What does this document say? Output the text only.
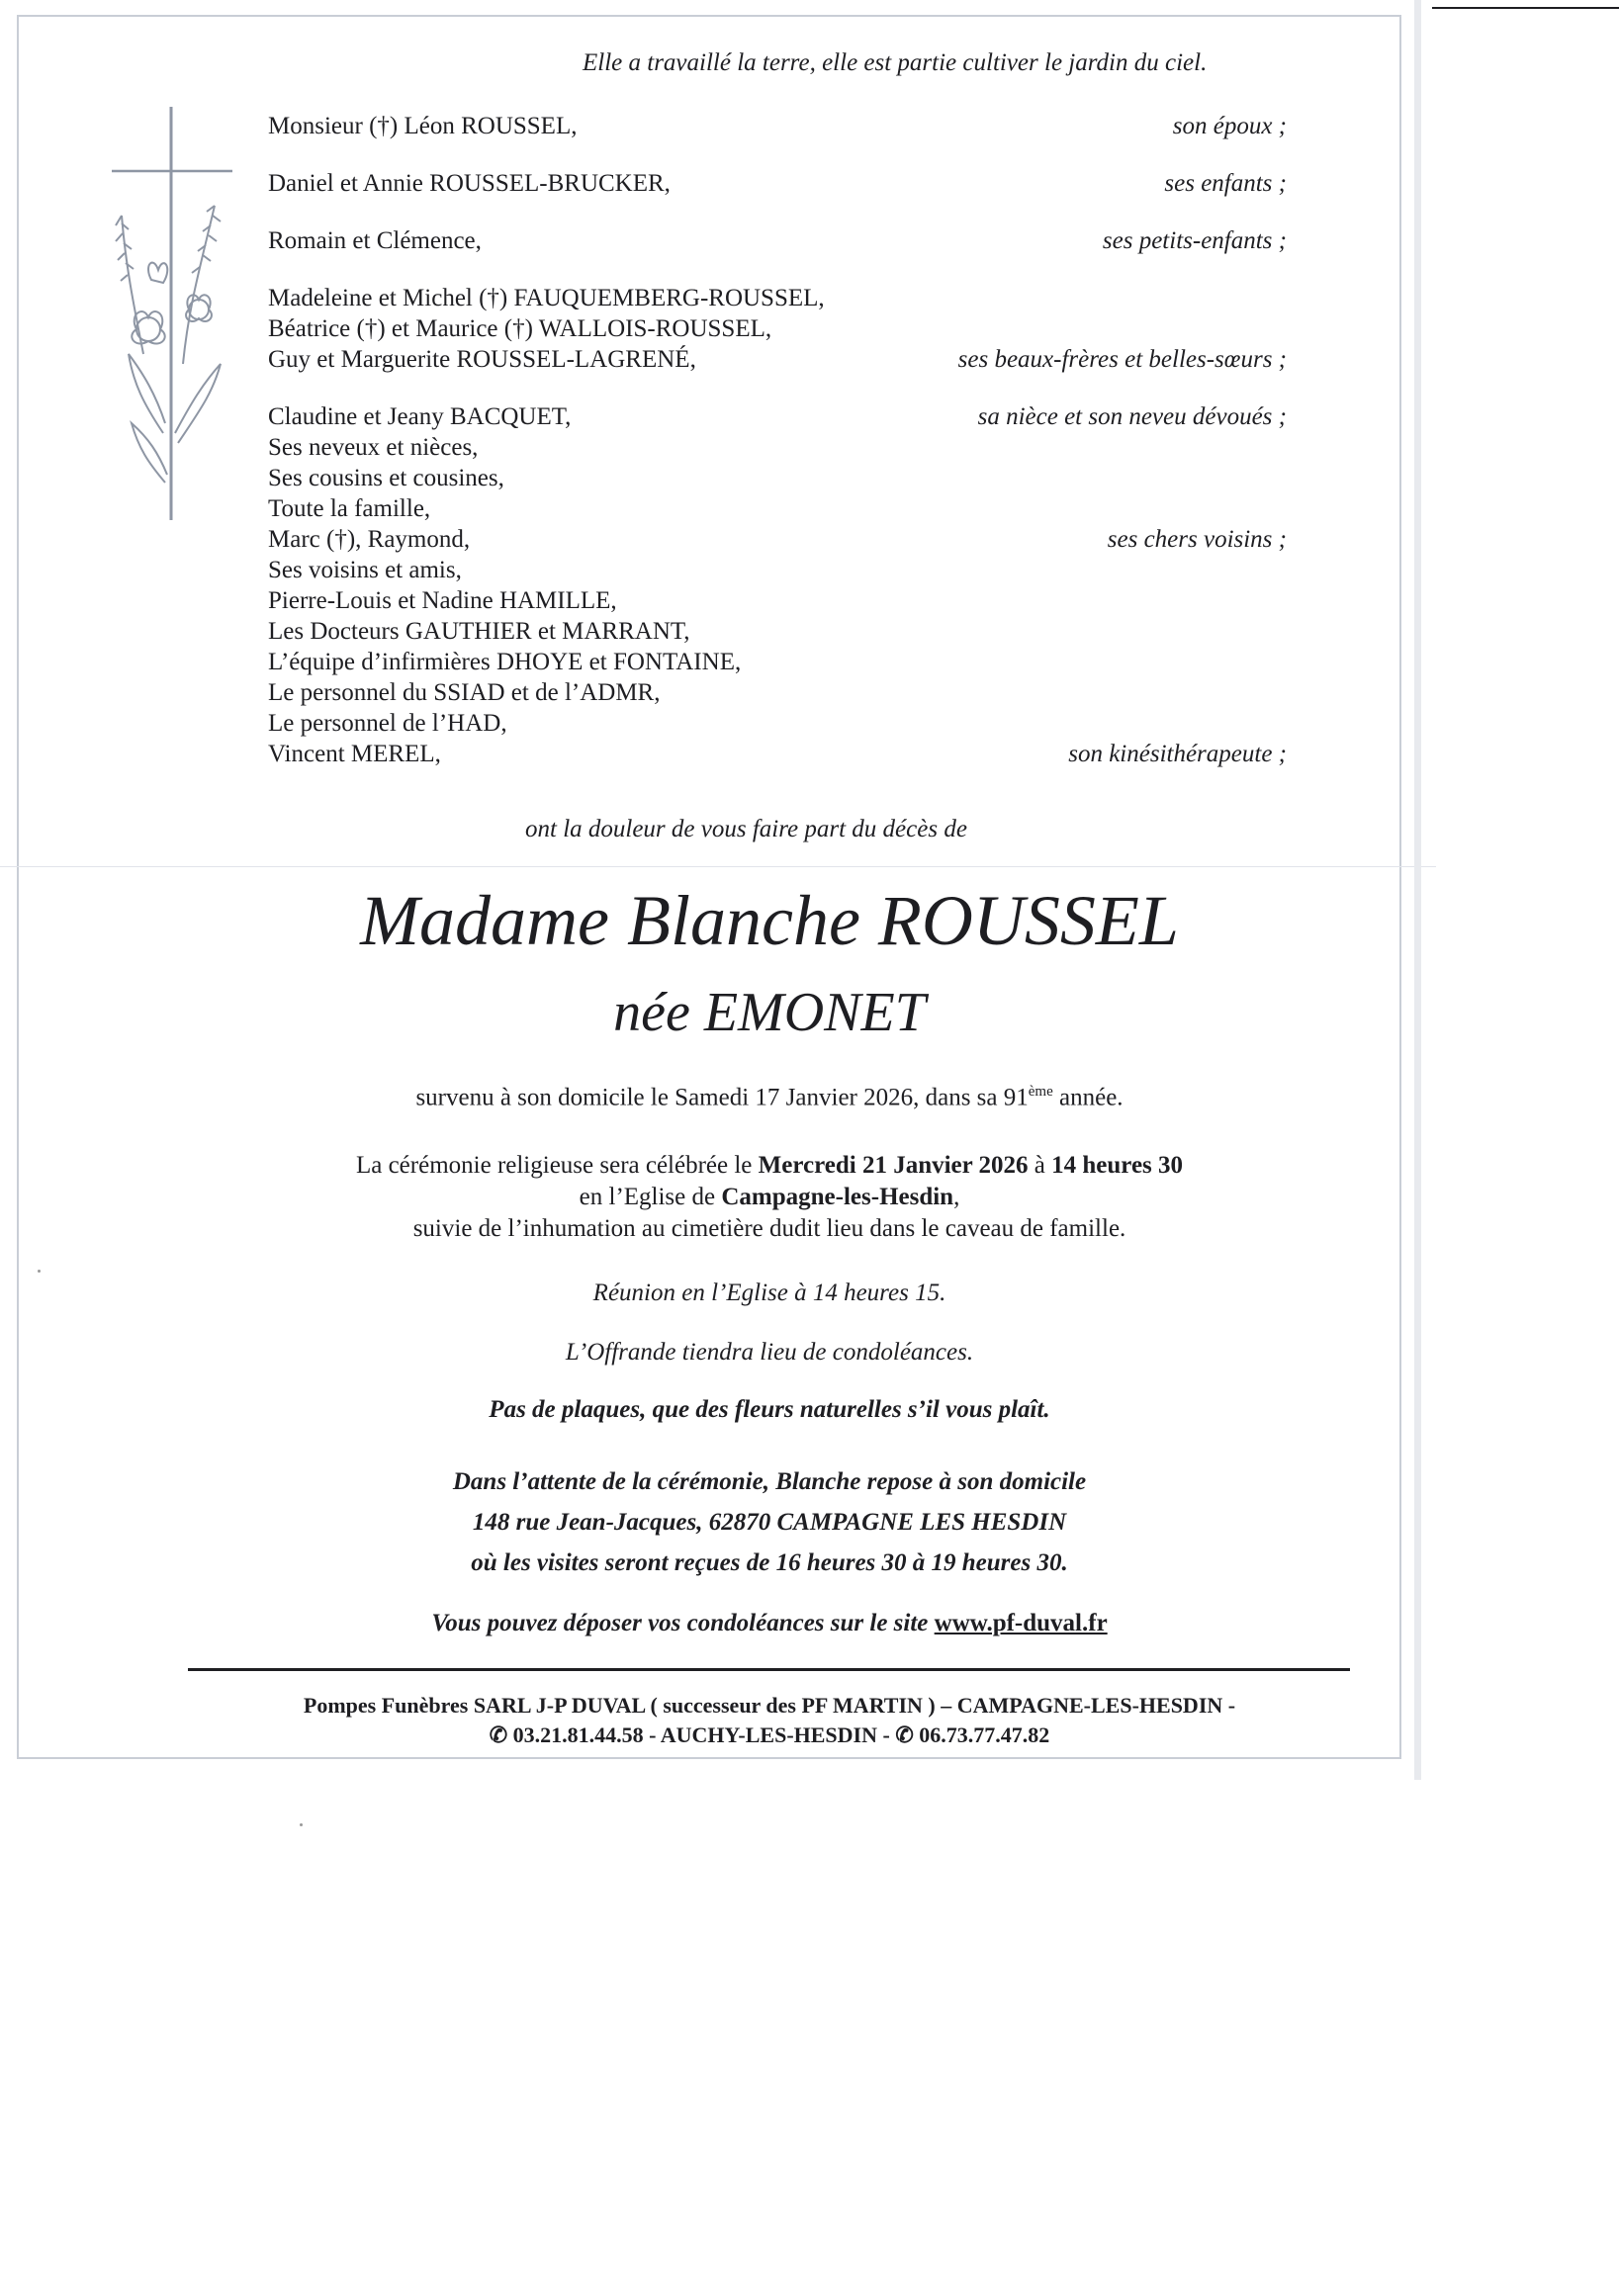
Elle a travaillé la terre, elle est partie cultiver le jardin du ciel.
Monsieur (†) Léon ROUSSEL,	son époux ;
Daniel et Annie ROUSSEL-BRUCKER,	ses enfants ;
Romain et Clémence,	ses petits-enfants ;
Madeleine et Michel (†) FAUQUEMBERG-ROUSSEL,
Béatrice (†) et Maurice (†) WALLOIS-ROUSSEL,
Guy et Marguerite ROUSSEL-LAGRENÉ,	ses beaux-frères et belles-sœurs ;
Claudine et Jeany BACQUET,	sa nièce et son neveu dévoués ;
Ses neveux et nièces,
Ses cousins et cousines,
Toute la famille,
Marc (†), Raymond,	ses chers voisins ;
Ses voisins et amis,
Pierre-Louis et Nadine HAMILLE,
Les Docteurs GAUTHIER et MARRANT,
L’équipe d’infirmières DHOYE et FONTAINE,
Le personnel du SSIAD et de l’ADMR,
Le personnel de l’HAD,
Vincent MEREL,	son kinésithérapeute ;
ont la douleur de vous faire part du décès de
Madame Blanche ROUSSEL
née EMONET
survenu à son domicile le Samedi 17 Janvier 2026, dans sa 91ème année.
La cérémonie religieuse sera célébrée le Mercredi 21 Janvier 2026 à 14 heures 30
en l’Eglise de Campagne-les-Hesdin,
suivie de l’inhumation au cimetière dudit lieu dans le caveau de famille.
Réunion en l’Eglise à 14 heures 15.
L’Offrande tiendra lieu de condoléances.
Pas de plaques, que des fleurs naturelles s’il vous plaît.
Dans l’attente de la cérémonie, Blanche repose à son domicile
148 rue Jean-Jacques, 62870 CAMPAGNE LES HESDIN
où les visites seront reçues de 16 heures 30 à 19 heures 30.
Vous pouvez déposer vos condoléances sur le site www.pf-duval.fr
Pompes Funèbres SARL J-P DUVAL ( successeur des PF MARTIN ) – CAMPAGNE-LES-HESDIN -
✆ 03.21.81.44.58 - AUCHY-LES-HESDIN - ✆ 06.73.77.47.82
